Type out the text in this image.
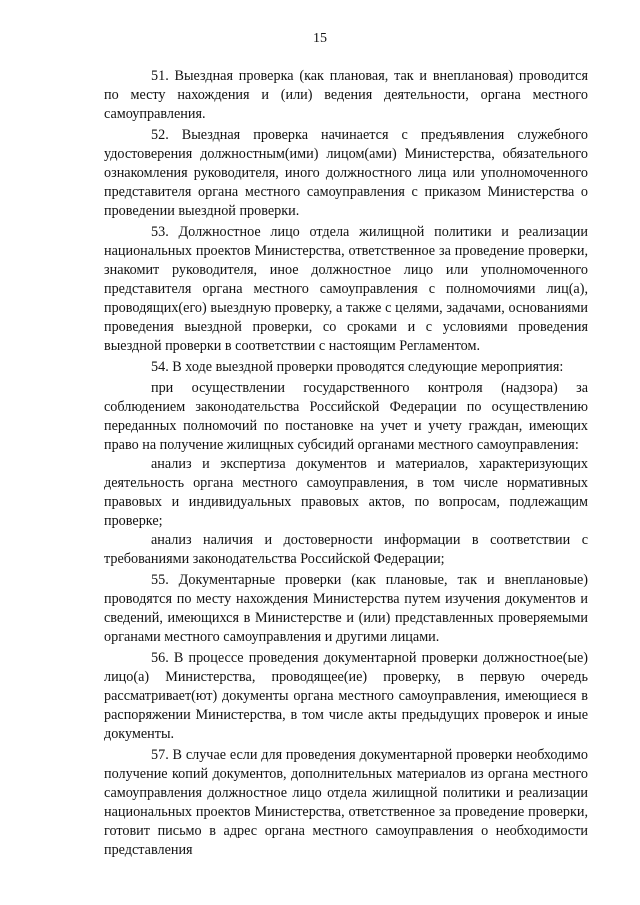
15

51. Выездная проверка (как плановая, так и внеплановая) проводится по месту нахождения и (или) ведения деятельности, органа местного самоуправления.

52. Выездная проверка начинается с предъявления служебного удостоверения должностным(ими) лицом(ами) Министерства, обязательного ознакомления руководителя, иного должностного лица или уполномоченного представителя органа местного самоуправления с приказом Министерства о проведении выездной проверки.

53. Должностное лицо отдела жилищной политики и реализации национальных проектов Министерства, ответственное за проведение проверки, знакомит руководителя, иное должностное лицо или уполномоченного представителя органа местного самоуправления с полномочиями лиц(а), проводящих(его) выездную проверку, а также с целями, задачами, основаниями проведения выездной проверки, со сроками и с условиями проведения выездной проверки в соответствии с настоящим Регламентом.

54. В ходе выездной проверки проводятся следующие мероприятия:

при осуществлении государственного контроля (надзора) за соблюдением законодательства Российской Федерации по осуществлению переданных полномочий по постановке на учет и учету граждан, имеющих право на получение жилищных субсидий органами местного самоуправления:

анализ и экспертиза документов и материалов, характеризующих деятельность органа местного самоуправления, в том числе нормативных правовых и индивидуальных правовых актов, по вопросам, подлежащим проверке;

анализ наличия и достоверности информации в соответствии с требованиями законодательства Российской Федерации;

55. Документарные проверки (как плановые, так и внеплановые) проводятся по месту нахождения Министерства путем изучения документов и сведений, имеющихся в Министерстве и (или) представленных проверяемыми органами местного самоуправления и другими лицами.

56. В процессе проведения документарной проверки должностное(ые) лицо(а) Министерства, проводящее(ие) проверку, в первую очередь рассматривает(ют) документы органа местного самоуправления, имеющиеся в распоряжении Министерства, в том числе акты предыдущих проверок и иные документы.

57. В случае если для проведения документарной проверки необходимо получение копий документов, дополнительных материалов из органа местного самоуправления должностное лицо отдела жилищной политики и реализации национальных проектов Министерства, ответственное за проведение проверки, готовит письмо в адрес органа местного самоуправления о необходимости представления
